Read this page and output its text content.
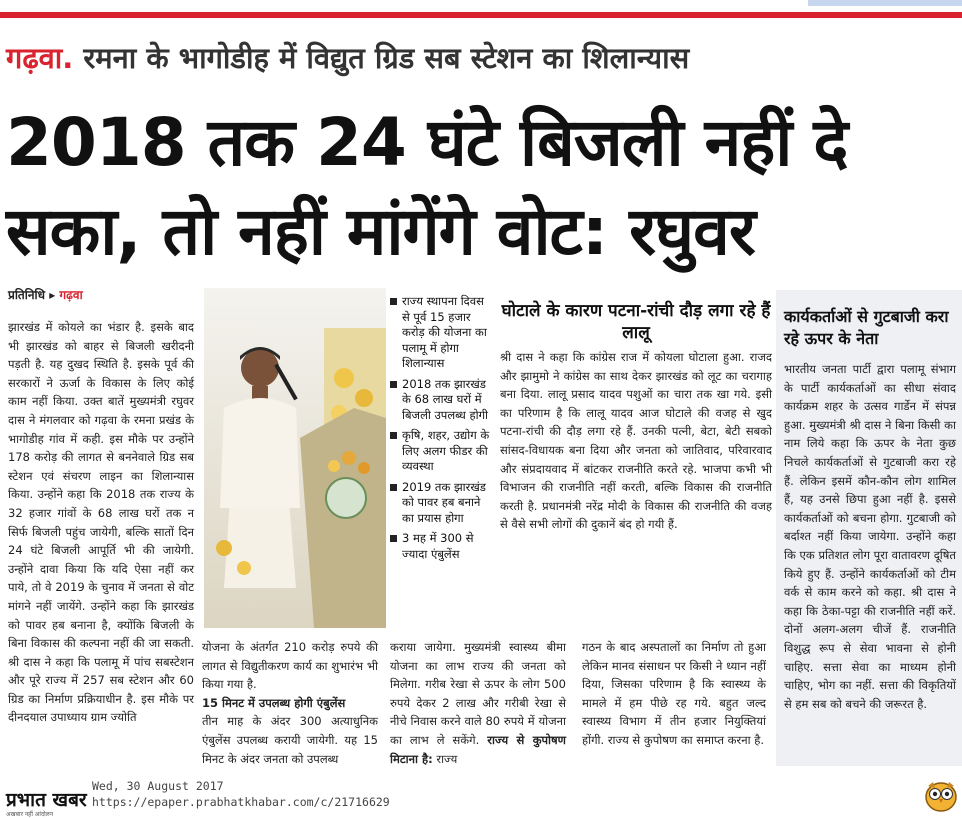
गढ़वा. रमना के भागोडीह में विद्युत ग्रिड सब स्टेशन का शिलान्यास
2018 तक 24 घंटे बिजली नहीं दे
सका, तो नहीं मांगेंगे वोट: रघुवर
प्रतिनिधि ▸ गढ़वा
झारखंड में कोयले का भंडार है. इसके बाद भी झारखंड को बाहर से बिजली खरीदनी पड़ती है. यह दुखद स्थिति है. इसके पूर्व की सरकारों ने ऊर्जा के विकास के लिए कोई काम नहीं किया. उक्त बातें मुख्यमंत्री रघुवर दास ने मंगलवार को गढ़वा के रमना प्रखंड के भागोडीह गांव में कही. इस मौके पर उन्होंने 178 करोड़ की लागत से बननेवाले ग्रिड सब स्टेशन एवं संचरण लाइन का शिलान्यास किया. उन्होंने कहा कि 2018 तक राज्य के 32 हजार गांवों के 68 लाख घरों तक न सिर्फ बिजली पहुंच जायेगी, बल्कि सातों दिन 24 घंटे बिजली आपूर्ति भी की जायेगी. उन्होंने दावा किया कि यदि ऐसा नहीं कर पाये, तो वे 2019 के चुनाव में जनता से वोट मांगने नहीं जायेंगे. उन्होंने कहा कि झारखंड को पावर हब बनाना है, क्योंकि बिजली के बिना विकास की कल्पना नहीं की जा सकती. श्री दास ने कहा कि पलामू में पांच सबस्टेशन और पूरे राज्य में 257 सब स्टेशन और 60 ग्रिड का निर्माण प्रक्रियाधीन है. इस मौके पर दीनदयाल उपाध्याय ग्राम ज्योति
राज्य स्थापना दिवस से पूर्व 15 हजार करोड़ की योजना का पलामू में होगा शिलान्यास
2018 तक झारखंड के 68 लाख घरों में बिजली उपलब्ध होगी
कृषि, शहर, उद्योग के लिए अलग फीडर की व्यवस्था
2019 तक झारखंड को पावर हब बनाने का प्रयास होगा
3 मह में 300 से ज्यादा एंबुलेंस
घोटाले के कारण पटना-रांची दौड़ लगा रहे हैं लालू
श्री दास ने कहा कि कांग्रेस राज में कोयला घोटाला हुआ. राजद और झामुमो ने कांग्रेस का साथ देकर झारखंड को लूट का चरागाह बना दिया. लालू प्रसाद यादव पशुओं का चारा तक खा गये. इसी का परिणाम है कि लालू यादव आज घोटाले की वजह से खुद पटना-रांची की दौड़ लगा रहे हैं. उनकी पत्नी, बेटा, बेटी सबको सांसद-विधायक बना दिया और जनता को जातिवाद, परिवारवाद और संप्रदायवाद में बांटकर राजनीति करते रहे. भाजपा कभी भी विभाजन की राजनीति नहीं करती, बल्कि विकास की राजनीति करती है. प्रधानमंत्री नरेंद्र मोदी के विकास की राजनीति की वजह से वैसे सभी लोगों की दुकानें बंद हो गयी हैं.
कार्यकर्ताओं से गुटबाजी करा रहे ऊपर के नेता
भारतीय जनता पार्टी द्वारा पलामू संभाग के पार्टी कार्यकर्ताओं का सीधा संवाद कार्यक्रम शहर के उत्सव गार्डेन में संपन्न हुआ. मुख्यमंत्री श्री दास ने बिना किसी का नाम लिये कहा कि ऊपर के नेता कुछ निचले कार्यकर्ताओं से गुटबाजी करा रहे हैं. लेकिन इसमें कौन-कौन लोग शामिल हैं, यह उनसे छिपा हुआ नहीं है. इससे कार्यकर्ताओं को बचना होगा. गुटबाजी को बर्दाश्त नहीं किया जायेगा. उन्होंने कहा कि एक प्रतिशत लोग पूरा वातावरण दूषित किये हुए हैं. उन्होंने कार्यकर्ताओं को टीम वर्क से काम करने को कहा. श्री दास ने कहा कि ठेका-पट्टा की राजनीति नहीं करें. दोनों अलग-अलग चीजें हैं. राजनीति विशुद्ध रूप से सेवा भावना से होनी चाहिए. सत्ता सेवा का माध्यम होनी चाहिए, भोग का नहीं. सत्ता की विकृतियों से हम सब को बचने की जरूरत है.
योजना के अंतर्गत 210 करोड़ रुपये की लागत से विद्युतीकरण कार्य का शुभारंभ भी किया गया है.
15 मिनट में उपलब्ध होगी एंबुलेंस
तीन माह के अंदर 300 अत्याधुनिक एंबुलेंस उपलब्ध करायी जायेगी. यह 15 मिनट के अंदर जनता को उपलब्ध
कराया जायेगा. मुख्यमंत्री स्वास्थ्य बीमा योजना का लाभ राज्य की जनता को मिलेगा. गरीब रेखा से ऊपर के लोग 500 रुपये देकर 2 लाख और गरीबी रेखा से नीचे निवास करने वाले 80 रुपये में योजना का लाभ ले सकेंगे. राज्य से कुपोषण मिटाना है: राज्य
गठन के बाद अस्पतालों का निर्माण तो हुआ लेकिन मानव संसाधन पर किसी ने ध्यान नहीं दिया, जिसका परिणाम है कि स्वास्थ्य के मामले में हम पीछे रह गये. बहुत जल्द स्वास्थ्य विभाग में तीन हजार नियुक्तियां होंगी. राज्य से कुपोषण का समाप्त करना है.
प्रभात खबर
अखबार नहीं आंदोलन
Wed, 30 August 2017
https://epaper.prabhatkhabar.com/c/21716629
